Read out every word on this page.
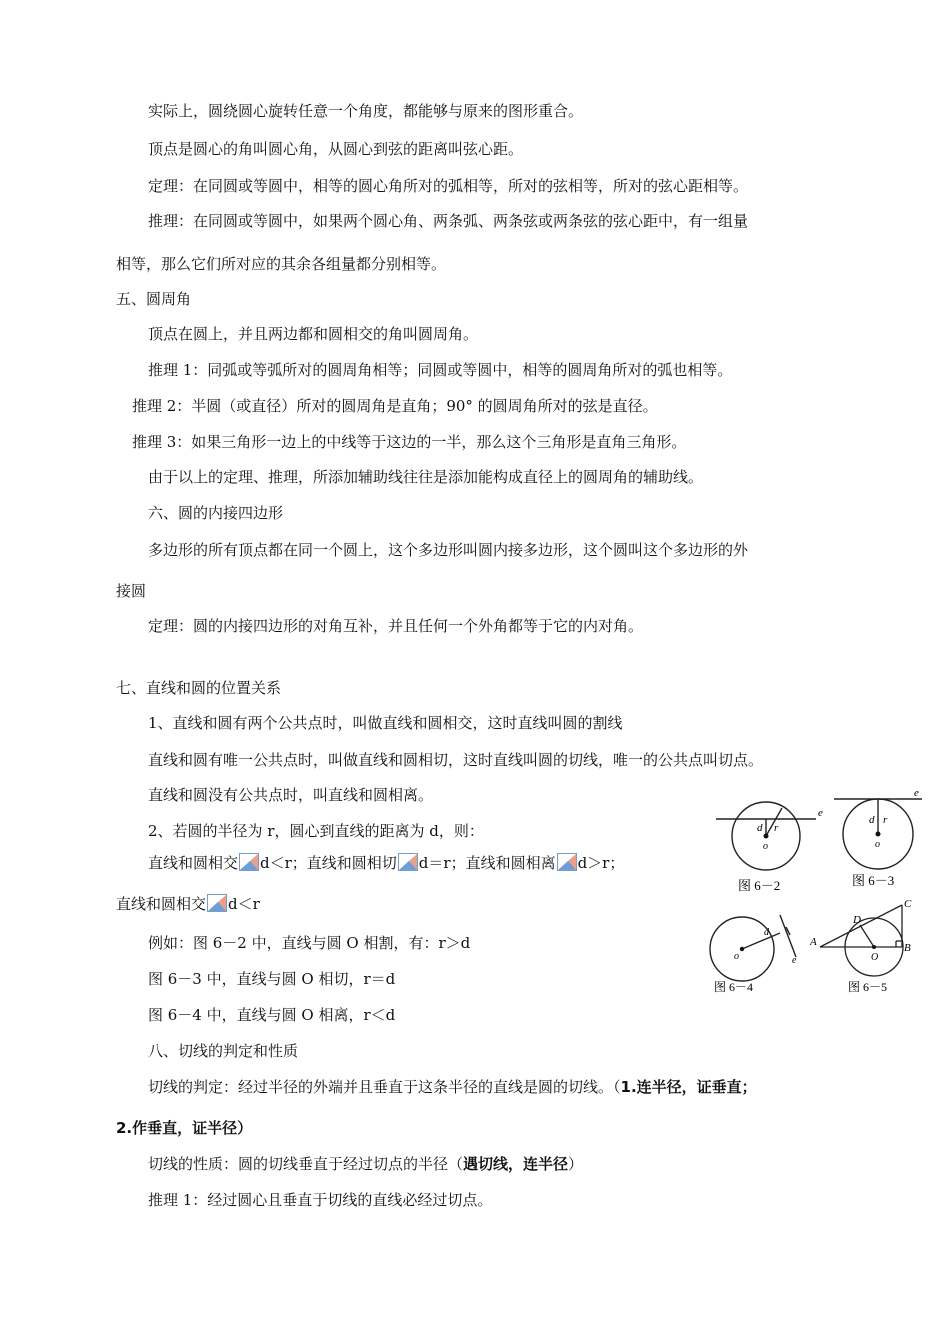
实际上，圆绕圆心旋转任意一个角度，都能够与原来的图形重合。
顶点是圆心的角叫圆心角，从圆心到弦的距离叫弦心距。
定理：在同圆或等圆中，相等的圆心角所对的弧相等，所对的弦相等，所对的弦心距相等。
推理：在同圆或等圆中，如果两个圆心角、两条弧、两条弦或两条弦的弦心距中，有一组量
相等，那么它们所对应的其余各组量都分别相等。
五、圆周角
顶点在圆上，并且两边都和圆相交的角叫圆周角。
推理 1：同弧或等弧所对的圆周角相等；同圆或等圆中，相等的圆周角所对的弧也相等。
推理 2：半圆（或直径）所对的圆周角是直角；90° 的圆周角所对的弦是直径。
推理 3：如果三角形一边上的中线等于这边的一半，那么这个三角形是直角三角形。
由于以上的定理、推理，所添加辅助线往往是添加能构成直径上的圆周角的辅助线。
六、圆的内接四边形
多边形的所有顶点都在同一个圆上，这个多边形叫圆内接多边形，这个圆叫这个多边形的外
接圆
定理：圆的内接四边形的对角互补，并且任何一个外角都等于它的内对角。
七、直线和圆的位置关系
1、直线和圆有两个公共点时，叫做直线和圆相交，这时直线叫圆的割线
直线和圆有唯一公共点时，叫做直线和圆相切，这时直线叫圆的切线，唯一的公共点叫切点。
直线和圆没有公共点时，叫直线和圆相离。
2、若圆的半径为 r，圆心到直线的距离为 d，则：
直线和圆相交 d＜r；直线和圆相切 d＝r；直线和圆相离 d＞r；
直线和圆相交 d＜r
例如：图 6－2 中，直线与圆 O 相割，有：r＞d
图 6－3 中，直线与圆 O 相切，r＝d
图 6－4 中，直线与圆 O 相离，r＜d
八、切线的判定和性质
切线的判定：经过半径的外端并且垂直于这条半径的直线是圆的切线。（1.连半径，证垂直；
2.作垂直，证半径）
切线的性质：圆的切线垂直于经过切点的半径（遇切线，连半径）
推理 1：经过圆心且垂直于切线的直线必经过切点。
d r
o
e
图 6－2
d r
o
e
图 6－3
d
o	e
图 6－4
A
D
O
B
C
图 6－5
